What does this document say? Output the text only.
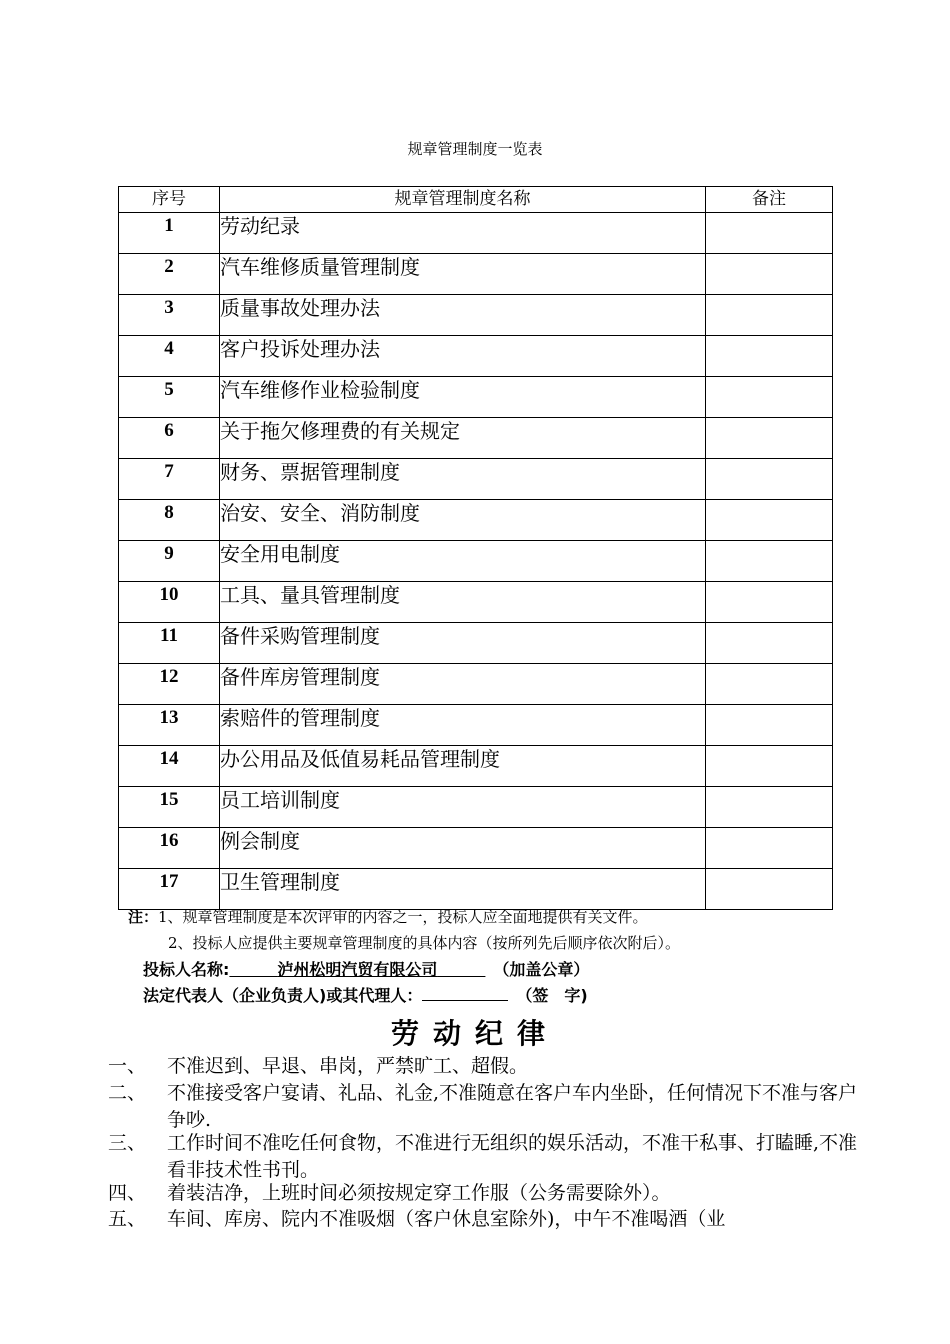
规章管理制度一览表
序号	规章管理制度名称	备注
1	劳动纪录	
2	汽车维修质量管理制度	
3	质量事故处理办法	
4	客户投诉处理办法	
5	汽车维修作业检验制度	
6	关于拖欠修理费的有关规定	
7	财务、票据管理制度	
8	治安、安全、消防制度	
9	安全用电制度	
10	工具、量具管理制度	
11	备件采购管理制度	
12	备件库房管理制度	
13	索赔件的管理制度	
14	办公用品及低值易耗品管理制度	
15	员工培训制度	
16	例会制度	
17	卫生管理制度	
注：1、规章管理制度是本次评审的内容之一，投标人应全面地提供有关文件。
2、投标人应提供主要规章管理制度的具体内容（按所列先后顺序依次附后）。
投标人名称:   	泸州松明汽贸有限公司    	（加盖公章）
法定代表人（企业负责人)或其代理人： 	（签　字)
劳动纪律
一、	不准迟到、早退、串岗，严禁旷工、超假。
二、	不准接受客户宴请、礼品、礼金,不准随意在客户车内坐卧，任何情况下不准与客户争吵.
三、	工作时间不准吃任何食物，不准进行无组织的娱乐活动，不准干私事、打瞌睡,不准看非技术性书刊。
四、	着装洁净，上班时间必须按规定穿工作服（公务需要除外）。
五、	车间、库房、院内不准吸烟（客户休息室除外)，中午不准喝酒（业
